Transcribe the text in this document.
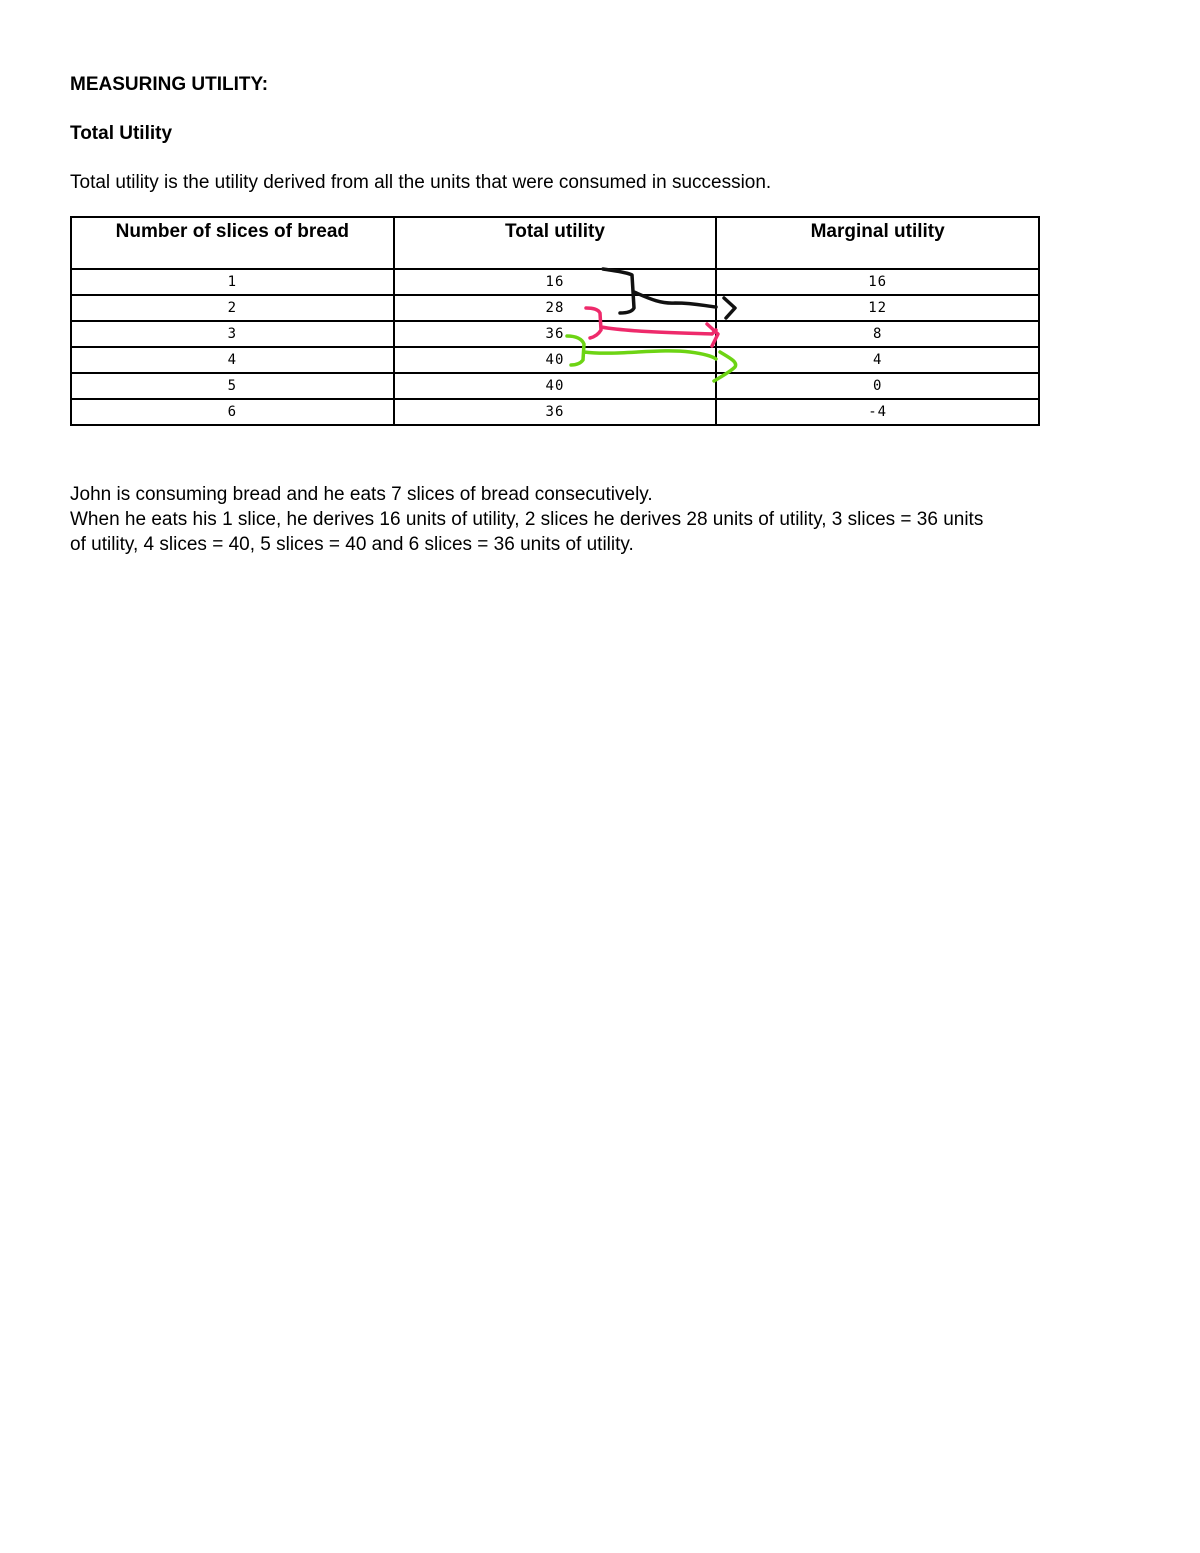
MEASURING UTILITY:

Total Utility

Total utility is the utility derived from all the units that were consumed in succession.

Number of slices of bread	Total utility	Marginal utility
1	16	16
2	28	12
3	36	8
4	40	4
5	40	0
6	36	-4
John is consuming bread and he eats 7 slices of bread consecutively.
When he eats his 1 slice, he derives 16 units of utility, 2 slices he derives 28 units of utility, 3 slices = 36 units
of utility, 4 slices = 40, 5 slices = 40 and 6 slices = 36 units of utility.
